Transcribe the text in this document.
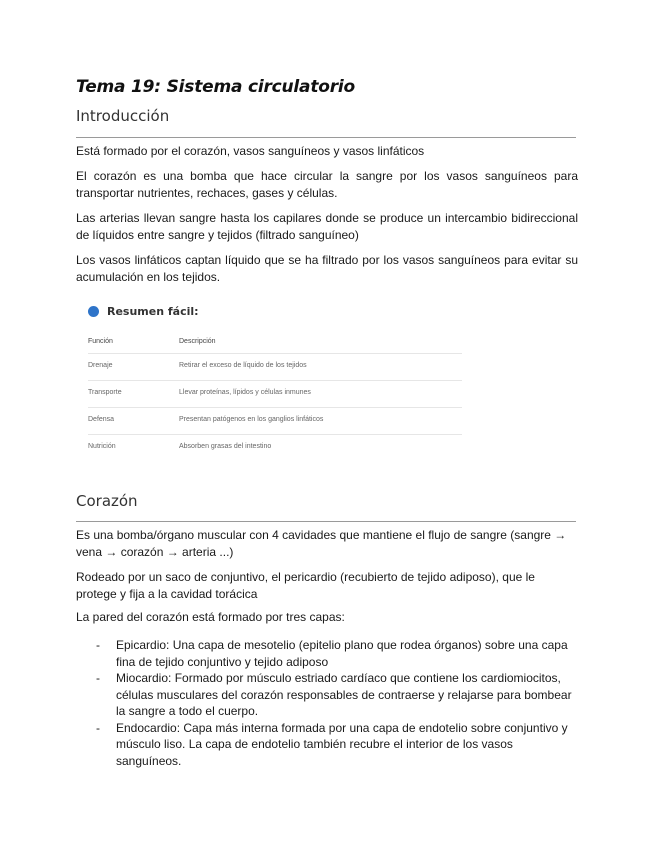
Tema 19: Sistema circulatorio
Introducción

Está formado por el corazón, vasos sanguíneos y vasos linfáticos

El corazón es una bomba que hace circular la sangre por los vasos sanguíneos para transportar nutrientes, rechaces, gases y células.

Las arterias llevan sangre hasta los capilares donde se produce un intercambio bidireccional de líquidos entre sangre y tejidos (filtrado sanguíneo)

Los vasos linfáticos captan líquido que se ha filtrado por los vasos sanguíneos para evitar su acumulación en los tejidos.

Resumen fácil:
Función	Descripción
Drenaje	Retirar el exceso de líquido de los tejidos
Transporte	Llevar proteínas, lípidos y células inmunes
Defensa	Presentan patógenos en los ganglios linfáticos
Nutrición	Absorben grasas del intestino
Corazón

Es una bomba/órgano muscular con 4 cavidades que mantiene el flujo de sangre (sangre → vena → corazón → arteria ...)

Rodeado por un saco de conjuntivo, el pericardio (recubierto de tejido adiposo), que le protege y fija a la cavidad torácica

La pared del corazón está formado por tres capas:

- Epicardio: Una capa de mesotelio (epitelio plano que rodea órganos) sobre una capa fina de tejido conjuntivo y tejido adiposo
- Miocardio: Formado por músculo estriado cardíaco que contiene los cardiomiocitos, células musculares del corazón responsables de contraerse y relajarse para bombear la sangre a todo el cuerpo.
- Endocardio: Capa más interna formada por una capa de endotelio sobre conjuntivo y músculo liso. La capa de endotelio también recubre el interior de los vasos sanguíneos.
